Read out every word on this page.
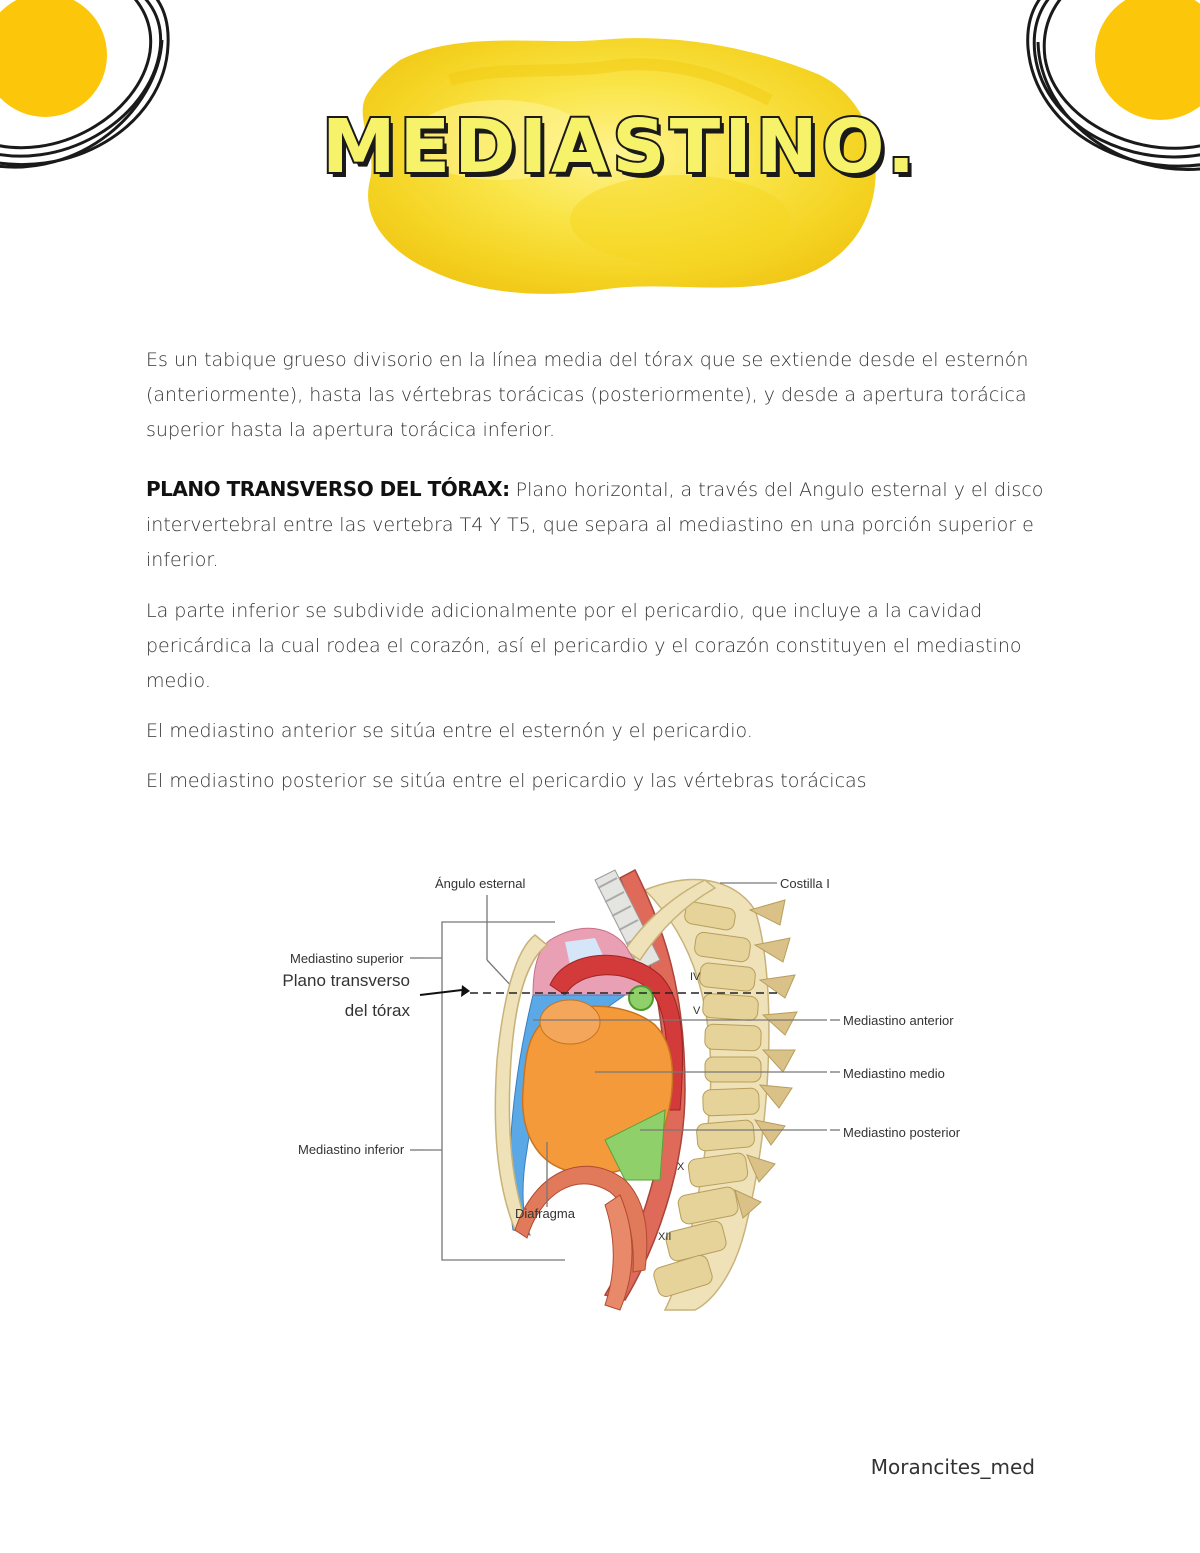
MEDIASTINO.
Es un tabique grueso divisorio en la línea media del tórax que se extiende desde el esternón (anteriormente), hasta las vértebras torácicas (posteriormente), y desde a apertura torácica superior hasta la apertura torácica inferior.
PLANO TRANSVERSO DEL TÓRAX: Plano horizontal, a través del Angulo esternal y el disco intervertebral entre las vertebra T4 Y T5, que separa al mediastino en una porción superior e inferior.
La parte inferior se subdivide adicionalmente por el pericardio, que incluye a la cavidad pericárdica la cual rodea el corazón, así el pericardio y el corazón constituyen el mediastino medio.
El mediastino anterior se sitúa entre el esternón y el pericardio.
El mediastino posterior se sitúa entre el pericardio y las vértebras torácicas
IV
V
X
XII
Ángulo esternal	Costilla I
Mediastino superior
Plano transverso
del tórax
Mediastino anterior
Mediastino medio
Mediastino posterior
Mediastino inferior
Diafragma
Morancites_med
